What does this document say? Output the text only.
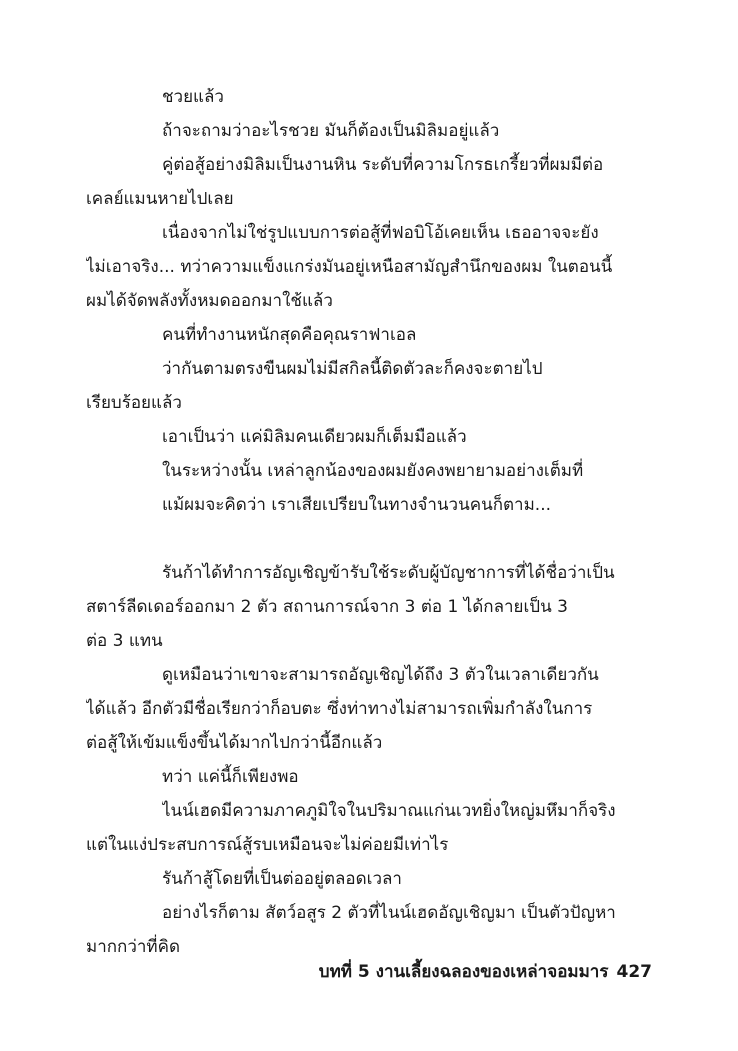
ชวยแล้ว
ถ้าจะถามว่าอะไรชวย มันก็ต้องเป็นมิลิมอยู่แล้ว
คู่ต่อสู้อย่างมิลิมเป็นงานหิน ระดับที่ความโกรธเกรี้ยวที่ผมมีต่อ
เคลย์แมนหายไปเลย
เนื่องจากไม่ใช่รูปแบบการต่อสู้ที่ฟอบิโอ้เคยเห็น เธออาจจะยัง
ไม่เอาจริง... ทว่าความแข็งแกร่งมันอยู่เหนือสามัญสำนึกของผม ในตอนนี้
ผมได้จัดพลังทั้งหมดออกมาใช้แล้ว
คนที่ทำงานหนักสุดคือคุณราฟาเอล
ว่ากันตามตรงขืนผมไม่มีสกิลนี้ติดตัวละก็คงจะตายไป
เรียบร้อยแล้ว
เอาเป็นว่า แค่มิลิมคนเดียวผมก็เต็มมือแล้ว
ในระหว่างนั้น เหล่าลูกน้องของผมยังคงพยายามอย่างเต็มที่
แม้ผมจะคิดว่า เราเสียเปรียบในทางจำนวนคนก็ตาม...
รันก้าได้ทำการอัญเชิญข้ารับใช้ระดับผู้บัญชาการที่ได้ชื่อว่าเป็น
สตาร์ลีดเดอร์ออกมา 2 ตัว สถานการณ์จาก 3 ต่อ 1 ได้กลายเป็น 3
ต่อ 3 แทน
ดูเหมือนว่าเขาจะสามารถอัญเชิญได้ถึง 3 ตัวในเวลาเดียวกัน
ได้แล้ว อีกตัวมีชื่อเรียกว่าก็อบตะ ซึ่งท่าทางไม่สามารถเพิ่มกำลังในการ
ต่อสู้ให้เข้มแข็งขึ้นได้มากไปกว่านี้อีกแล้ว
ทว่า แค่นี้ก็เพียงพอ
ไนน์เฮดมีความภาคภูมิใจในปริมาณแก่นเวทยิ่งใหญ่มหึมาก็จริง
แต่ในแง่ประสบการณ์สู้รบเหมือนจะไม่ค่อยมีเท่าไร
รันก้าสู้โดยที่เป็นต่ออยู่ตลอดเวลา
อย่างไรก็ตาม สัตว์อสูร 2 ตัวที่ไนน์เฮดอัญเชิญมา เป็นตัวปัญหา
มากกว่าที่คิด
บทที่ 5 งานเลี้ยงฉลองของเหล่าจอมมาร 427
